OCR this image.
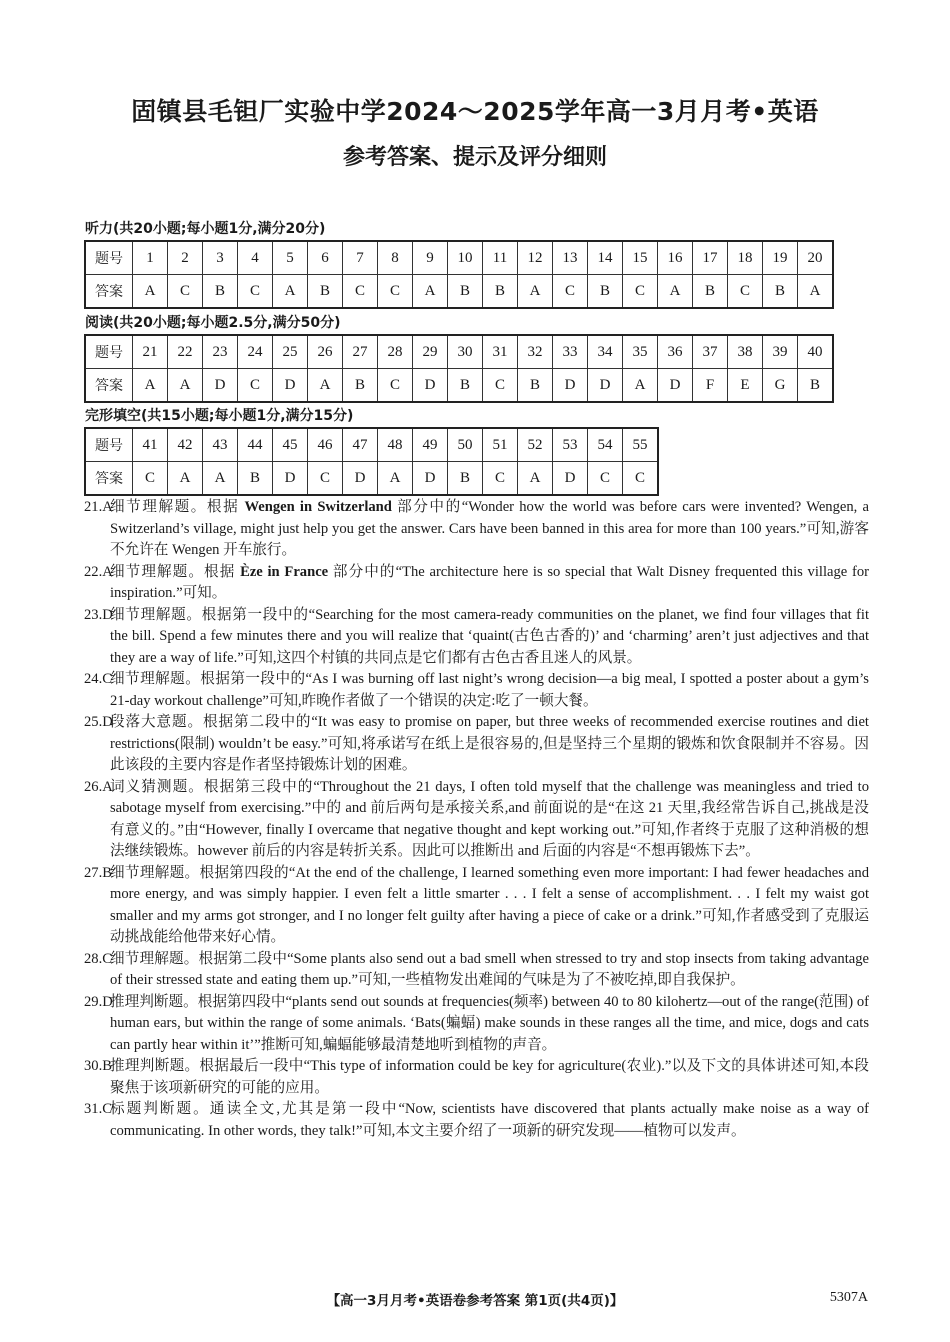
固镇县毛钽厂实验中学2024～2025学年高一3月月考•英语
参考答案、提示及评分细则
听力(共20小题;每小题1分,满分20分)
题号	1	2	3	4	5	6	7	8	9	10	11	12	13	14	15	16	17	18	19	20
答案	A	C	B	C	A	B	C	C	A	B	B	A	C	B	C	A	B	C	B	A
阅读(共20小题;每小题2.5分,满分50分)
题号	21	22	23	24	25	26	27	28	29	30	31	32	33	34	35	36	37	38	39	40
答案	A	A	D	C	D	A	B	C	D	B	C	B	D	D	A	D	F	E	G	B
完形填空(共15小题;每小题1分,满分15分)
题号	41	42	43	44	45	46	47	48	49	50	51	52	53	54	55
答案	C	A	A	B	D	C	D	A	D	B	C	A	D	C	C
21.A
细节理解题。根据 Wengen in Switzerland 部分中的“Wonder how the world was before cars were invented? Wengen, a Switzerland’s village, might just help you get the answer. Cars have been banned in this area for more than 100 years.”可知,游客不允许在 Wengen 开车旅行。
22.A
细节理解题。根据 Èze in France 部分中的“The architecture here is so special that Walt Disney frequented this village for inspiration.”可知。
23.D
细节理解题。根据第一段中的“Searching for the most camera-ready communities on the planet, we find four villages that fit the bill. Spend a few minutes there and you will realize that ‘quaint(古色古香的)’ and ‘charming’ aren’t just adjectives and that they are a way of life.”可知,这四个村镇的共同点是它们都有古色古香且迷人的风景。
24.C
细节理解题。根据第一段中的“As I was burning off last night’s wrong decision—a big meal, I spotted a poster about a gym’s 21-day workout challenge”可知,昨晚作者做了一个错误的决定:吃了一顿大餐。
25.D
段落大意题。根据第二段中的“It was easy to promise on paper, but three weeks of recommended exercise routines and diet restrictions(限制) wouldn’t be easy.”可知,将承诺写在纸上是很容易的,但是坚持三个星期的锻炼和饮食限制并不容易。因此该段的主要内容是作者坚持锻炼计划的困难。
26.A
词义猜测题。根据第三段中的“Throughout the 21 days, I often told myself that the challenge was meaningless and tried to sabotage myself from exercising.”中的 and 前后两句是承接关系,and 前面说的是“在这 21 天里,我经常告诉自己,挑战是没有意义的。”由“However, finally I overcame that negative thought and kept working out.”可知,作者终于克服了这种消极的想法继续锻炼。however 前后的内容是转折关系。因此可以推断出 and 后面的内容是“不想再锻炼下去”。
27.B
细节理解题。根据第四段的“At the end of the challenge, I learned something even more important: I had fewer headaches and more energy, and was simply happier. I even felt a little smarter . . . I felt a sense of accomplishment. . . I felt my waist got smaller and my arms got stronger, and I no longer felt guilty after having a piece of cake or a drink.”可知,作者感受到了克服运动挑战能给他带来好心情。
28.C
细节理解题。根据第二段中“Some plants also send out a bad smell when stressed to try and stop insects from taking advantage of their stressed state and eating them up.”可知,一些植物发出难闻的气味是为了不被吃掉,即自我保护。
29.D
推理判断题。根据第四段中“plants send out sounds at frequencies(频率) between 40 to 80 kilohertz—out of the range(范围) of human ears, but within the range of some animals. ‘Bats(蝙蝠) make sounds in these ranges all the time, and mice, dogs and cats can partly hear within it’”推断可知,蝙蝠能够最清楚地听到植物的声音。
30.B
推理判断题。根据最后一段中“This type of information could be key for agriculture(农业).”以及下文的具体讲述可知,本段聚焦于该项新研究的可能的应用。
31.C
标题判断题。通读全文,尤其是第一段中“Now, scientists have discovered that plants actually make noise as a way of communicating. In other words, they talk!”可知,本文主要介绍了一项新的研究发现——植物可以发声。
【高一3月月考•英语卷参考答案 第1页(共4页)】	5307A
